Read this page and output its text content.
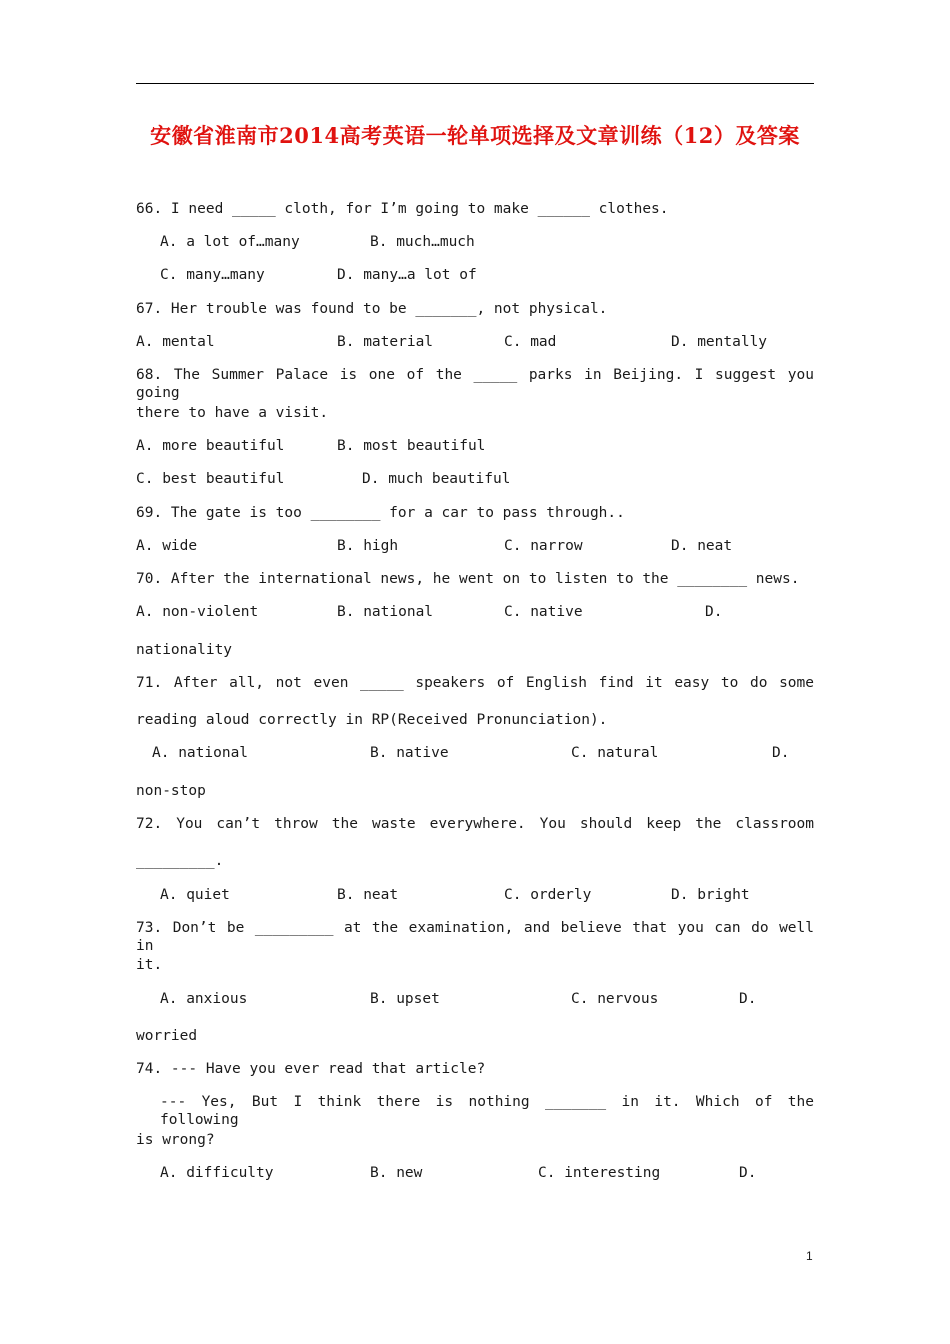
安徽省淮南市2014高考英语一轮单项选择及文章训练（12）及答案
66. I need _____ cloth, for I’m going to make ______ clothes.
A. a lot of…many	B. much…much
C. many…many	D. many…a lot of
67. Her trouble was found to be _______, not physical.
A. mental	B. material	C. mad	D. mentally
68. The Summer Palace is one of the _____ parks in Beijing. I suggest you going
there to have a visit.
A. more beautiful	B. most beautiful
C. best beautiful	D. much beautiful
69. The gate is too ________ for a car to pass through..
A. wide	B. high	C. narrow	D. neat
70. After the international news, he went on to listen to the ________ news.
A. non-violent	B. national	C. native	D.
nationality
71. After all, not even _____ speakers of English find it easy to do some
reading aloud correctly in RP(Received Pronunciation).
A. national	B. native	C. natural	D.
non-stop
72. You can’t throw the waste everywhere. You should keep the classroom
_________.
A. quiet	B. neat	C. orderly	D. bright
73. Don’t be _________ at the examination, and believe that you can do well in
it.
A. anxious	B. upset	C. nervous	D.
worried
74. --- Have you ever read that article?
--- Yes, But I think there is nothing _______ in it. Which of the following
is wrong?
A. difficulty	B. new	C. interesting	D.
1
